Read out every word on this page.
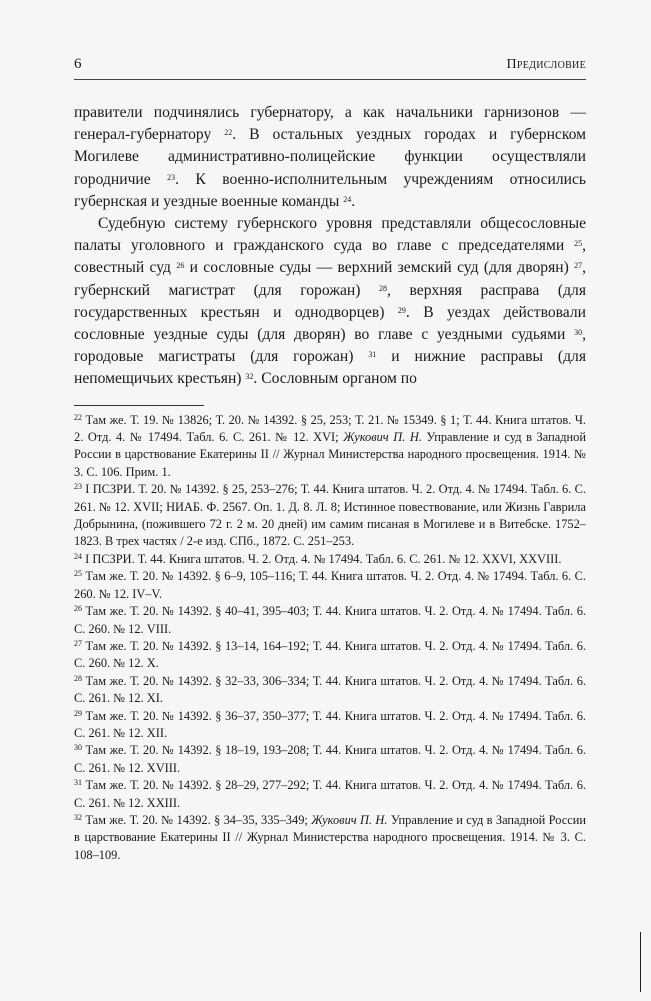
6	Предисловие

правители подчинялись губернатору, а как начальники гарнизонов — генерал-губернатору $^{22}$. В остальных уездных городах и губернском Могилеве административно-полицейские функции осуществляли городничие $^{23}$. К военно-исполнительным учреждениям относились губернская и уездные военные команды $^{24}$.

Судебную систему губернского уровня представляли общесословные палаты уголовного и гражданского суда во главе с председателями $^{25}$, совестный суд $^{26}$ и сословные суды — верхний земский суд (для дворян) $^{27}$, губернский магистрат (для горожан) $^{28}$, верхняя расправа (для государственных крестьян и однодворцев) $^{29}$. В уездах действовали сословные уездные суды (для дворян) во главе с уездными судьями $^{30}$, городовые магистраты (для горожан) $^{31}$ и нижние расправы (для непомещичьих крестьян) $^{32}$. Сословным органом по

$^{22}$ Там же. Т. 19. № 13826; Т. 20. № 14392. § 25, 253; Т. 21. № 15349. § 1; Т. 44. Книга штатов. Ч. 2. Отд. 4. № 17494. Табл. 6. С. 261. № 12. XVI; Жукович П. Н. Управление и суд в Западной России в царствование Екатерины II // Журнал Министерства народного просвещения. 1914. № 3. С. 106. Прим. 1.

$^{23}$ I ПСЗРИ. Т. 20. № 14392. § 25, 253–276; Т. 44. Книга штатов. Ч. 2. Отд. 4. № 17494. Табл. 6. С. 261. № 12. XVII; НИАБ. Ф. 2567. Оп. 1. Д. 8. Л. 8; Истинное повествование, или Жизнь Гаврила Добрынина, (пожившего 72 г. 2 м. 20 дней) им самим писаная в Могилеве и в Витебске. 1752–1823. В трех частях / 2-е изд. СПб., 1872. С. 251–253.

$^{24}$ I ПСЗРИ. Т. 44. Книга штатов. Ч. 2. Отд. 4. № 17494. Табл. 6. С. 261. № 12. XXVI, XXVIII.

$^{25}$ Там же. Т. 20. № 14392. § 6–9, 105–116; Т. 44. Книга штатов. Ч. 2. Отд. 4. № 17494. Табл. 6. С. 260. № 12. IV–V.

$^{26}$ Там же. Т. 20. № 14392. § 40–41, 395–403; Т. 44. Книга штатов. Ч. 2. Отд. 4. № 17494. Табл. 6. С. 260. № 12. VIII.

$^{27}$ Там же. Т. 20. № 14392. § 13–14, 164–192; Т. 44. Книга штатов. Ч. 2. Отд. 4. № 17494. Табл. 6. С. 260. № 12. X.

$^{28}$ Там же. Т. 20. № 14392. § 32–33, 306–334; Т. 44. Книга штатов. Ч. 2. Отд. 4. № 17494. Табл. 6. С. 261. № 12. XI.

$^{29}$ Там же. Т. 20. № 14392. § 36–37, 350–377; Т. 44. Книга штатов. Ч. 2. Отд. 4. № 17494. Табл. 6. С. 261. № 12. XII.

$^{30}$ Там же. Т. 20. № 14392. § 18–19, 193–208; Т. 44. Книга штатов. Ч. 2. Отд. 4. № 17494. Табл. 6. С. 261. № 12. XVIII.

$^{31}$ Там же. Т. 20. № 14392. § 28–29, 277–292; Т. 44. Книга штатов. Ч. 2. Отд. 4. № 17494. Табл. 6. С. 261. № 12. XXIII.

$^{32}$ Там же. Т. 20. № 14392. § 34–35, 335–349; Жукович П. Н. Управление и суд в Западной России в царствование Екатерины II // Журнал Министерства народного просвещения. 1914. № 3. С. 108–109.
